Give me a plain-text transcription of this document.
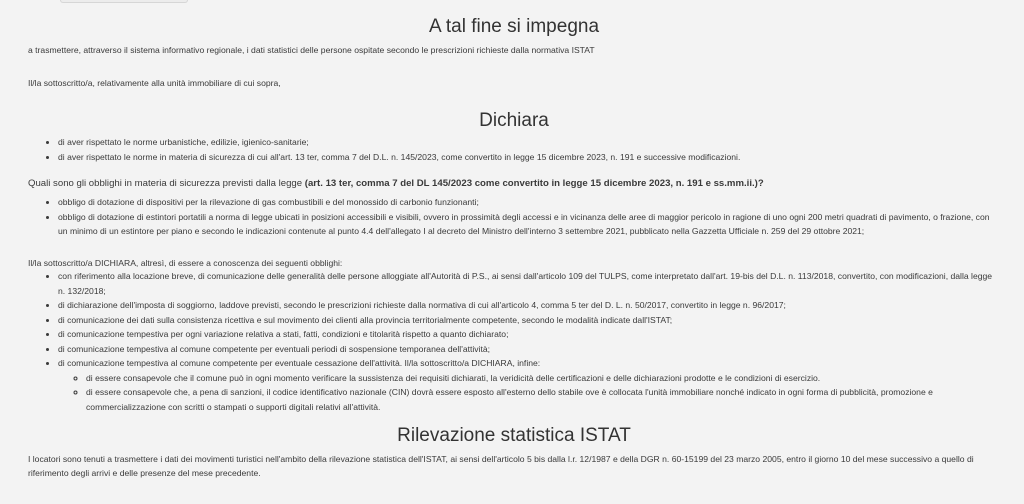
A tal fine si impegna

a trasmettere, attraverso il sistema informativo regionale, i dati statistici delle persone ospitate secondo le prescrizioni richieste dalla normativa ISTAT

Il/la sottoscritto/a, relativamente alla unità immobiliare di cui sopra,

Dichiara
• di aver rispettato le norme urbanistiche, edilizie, igienico-sanitarie;
• di aver rispettato le norme in materia di sicurezza di cui all'art. 13 ter, comma 7 del D.L. n. 145/2023, come convertito in legge 15 dicembre 2023, n. 191 e successive modificazioni.

Quali sono gli obblighi in materia di sicurezza previsti dalla legge (art. 13 ter, comma 7 del DL 145/2023 come convertito in legge 15 dicembre 2023, n. 191 e ss.mm.ii.)?

• obbligo di dotazione di dispositivi per la rilevazione di gas combustibili e del monossido di carbonio funzionanti;
• obbligo di dotazione di estintori portatili a norma di legge ubicati in posizioni accessibili e visibili, ovvero in prossimità degli accessi e in vicinanza delle aree di maggior pericolo in ragione di uno ogni 200 metri quadrati di pavimento, o frazione, con un minimo di un estintore per piano e secondo le indicazioni contenute al punto 4.4 dell'allegato I al decreto del Ministro dell'interno 3 settembre 2021, pubblicato nella Gazzetta Ufficiale n. 259 del 29 ottobre 2021;

Il/la sottoscritto/a DICHIARA, altresì, di essere a conoscenza dei seguenti obblighi:

• con riferimento alla locazione breve, di comunicazione delle generalità delle persone alloggiate all'Autorità di P.S., ai sensi dall'articolo 109 del TULPS, come interpretato dall'art. 19-bis del D.L. n. 113/2018, convertito, con modificazioni, dalla legge n. 132/2018;
• di dichiarazione dell'imposta di soggiorno, laddove previsti, secondo le prescrizioni richieste dalla normativa di cui all'articolo 4, comma 5 ter del D. L. n. 50/2017, convertito in legge n. 96/2017;
• di comunicazione dei dati sulla consistenza ricettiva e sul movimento dei clienti alla provincia territorialmente competente, secondo le modalità indicate dall'ISTAT;
• di comunicazione tempestiva per ogni variazione relativa a stati, fatti, condizioni e titolarità rispetto a quanto dichiarato;
• di comunicazione tempestiva al comune competente per eventuali periodi di sospensione temporanea dell'attività;
• di comunicazione tempestiva al comune competente per eventuale cessazione dell'attività. Il/la sottoscritto/a DICHIARA, infine:
◦ di essere consapevole che il comune può in ogni momento verificare la sussistenza dei requisiti dichiarati, la veridicità delle certificazioni e delle dichiarazioni prodotte e le condizioni di esercizio.
◦ di essere consapevole che, a pena di sanzioni, il codice identificativo nazionale (CIN) dovrà essere esposto all'esterno dello stabile ove è collocata l'unità immobiliare nonché indicato in ogni forma di pubblicità, promozione e commercializzazione con scritti o stampati o supporti digitali relativi all'attività.
Rilevazione statistica ISTAT

I locatori sono tenuti a trasmettere i dati dei movimenti turistici nell'ambito della rilevazione statistica dell'ISTAT, ai sensi dell'articolo 5 bis dalla l.r. 12/1987 e della DGR n. 60-15199 del 23 marzo 2005, entro il giorno 10 del mese successivo a quello di riferimento degli arrivi e delle presenze del mese precedente.
